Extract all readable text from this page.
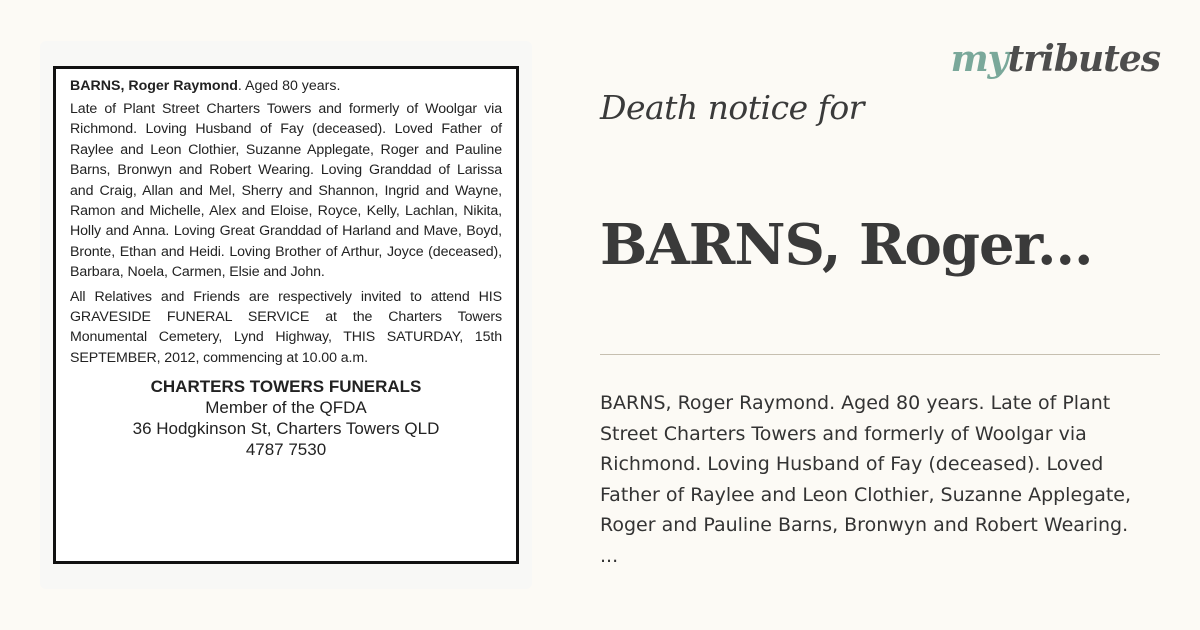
BARNS, Roger Raymond. Aged 80 years.

Late of Plant Street Charters Towers and formerly of Woolgar via Richmond. Loving Husband of Fay (deceased). Loved Father of Raylee and Leon Clothier, Suzanne Applegate, Roger and Pauline Barns, Bronwyn and Robert Wearing. Loving Granddad of Larissa and Craig, Allan and Mel, Sherry and Shannon, Ingrid and Wayne, Ramon and Michelle, Alex and Eloise, Royce, Kelly, Lachlan, Nikita, Holly and Anna. Loving Great Granddad of Harland and Mave, Boyd, Bronte, Ethan and Heidi. Loving Brother of Arthur, Joyce (deceased), Barbara, Noela, Carmen, Elsie and John.

All Relatives and Friends are respectively invited to attend HIS GRAVESIDE FUNERAL SERVICE at the Charters Towers Monumental Cemetery, Lynd Highway, THIS SATURDAY, 15th SEPTEMBER, 2012, commencing at 10.00 a.m.

CHARTERS TOWERS FUNERALS
Member of the QFDA
36 Hodgkinson St, Charters Towers QLD
4787 7530
mytributes
Death notice for
BARNS, Roger...
BARNS, Roger Raymond. Aged 80 years. Late of Plant
Street Charters Towers and formerly of Woolgar via
Richmond. Loving Husband of Fay (deceased). Loved
Father of Raylee and Leon Clothier, Suzanne Applegate,
Roger and Pauline Barns, Bronwyn and Robert Wearing.
...
